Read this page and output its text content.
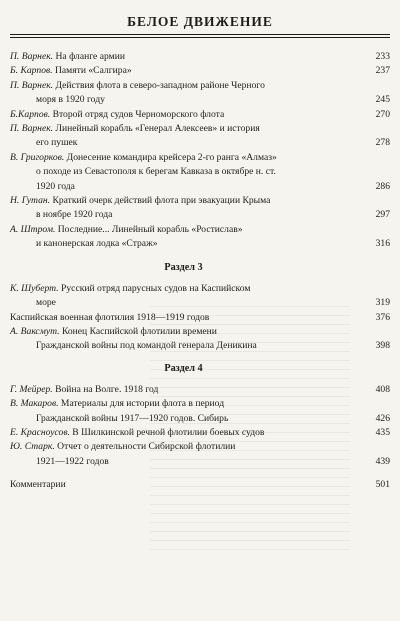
БЕЛОЕ ДВИЖЕНИЕ
П. Варнек. На фланге армии	233
Б. Карпов. Памяти «Салгира»	237
П. Варнек. Действия флота в северо-западном районе Черного
моря в 1920 году	245
Б.Карпов. Второй отряд судов Черноморского флота	270
П. Варнек. Линейный корабль «Генерал Алексеев» и история
его пушек	278
В. Григорков. Донесение командира крейсера 2-го ранга «Алмаз»
о походе из Севастополя к берегам Кавказа в октябре н. ст.
1920 года	286
Н. Гутан. Краткий очерк действий флота при эвакуации Крыма
в ноябре 1920 года	297
А. Штром. Последние... Линейный корабль «Ростислав»
и канонерская лодка «Страж»	316
Раздел 3
К. Шуберт. Русский отряд парусных судов на Каспийском
море	319
Каспийская военная флотилия 1918—1919 годов	376
А. Ваксмут. Конец Каспийской флотилии времени
Гражданской войны под командой генерала Деникина	398
Раздел 4
Г. Мейрер. Война на Волге. 1918 год	408
В. Макаров. Материалы для истории флота в период
Гражданской войны 1917—1920 годов. Сибирь	426
Е. Красноусов. В Шилкинской речной флотилии боевых судов	435
Ю. Старк. Отчет о деятельности Сибирской флотилии
1921—1922 годов	439
Комментарии	501
